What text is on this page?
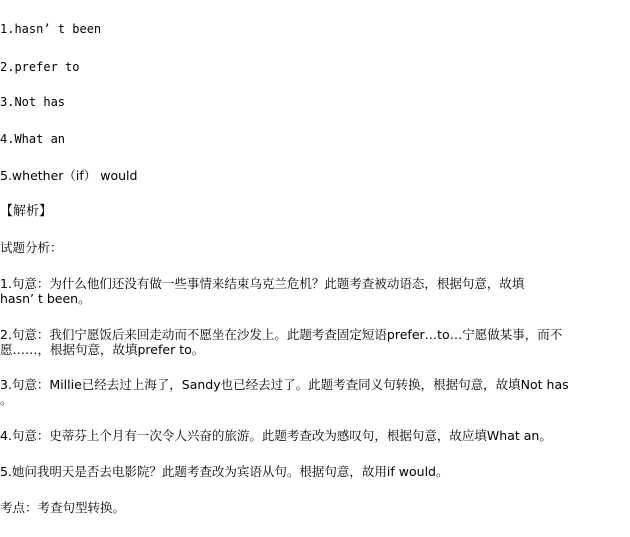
1.hasn’ t been
2.prefer to
3.Not has
4.What an
5.whether（if） would
【解析】
试题分析：
1.句意：为什么他们还没有做一些事情来结束乌克兰危机？此题考查被动语态，根据句意，故填
hasn’ t been。
2.句意：我们宁愿饭后来回走动而不愿坐在沙发上。此题考查固定短语prefer…to…宁愿做某事，而不
愿……，根据句意，故填prefer to。
3.句意：Millie已经去过上海了，Sandy也已经去过了。此题考查同义句转换，根据句意，故填Not has
。
4.句意：史蒂芬上个月有一次令人兴奋的旅游。此题考查改为感叹句，根据句意，故应填What an。
5.她问我明天是否去电影院？此题考查改为宾语从句。根据句意，故用if would。
考点：考查句型转换。
